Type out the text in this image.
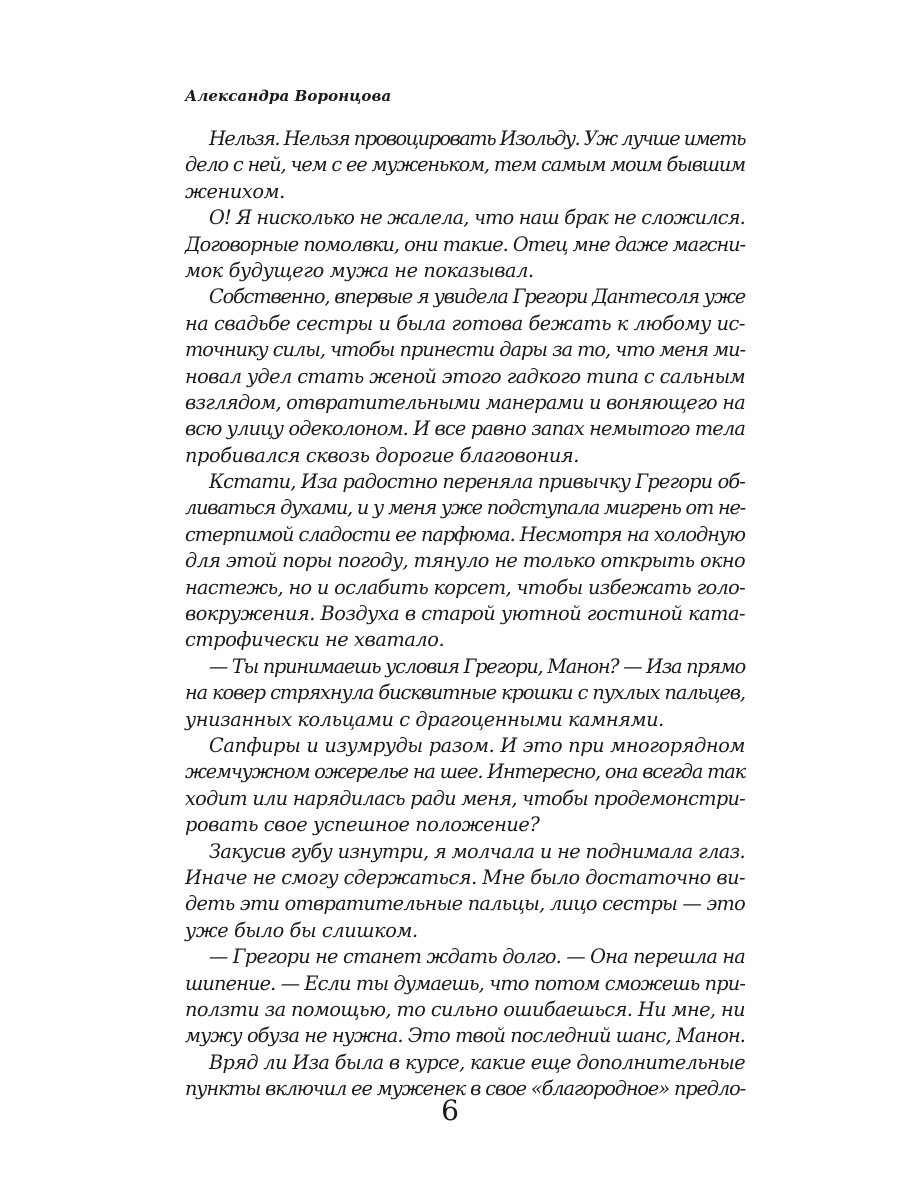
Александра Воронцова
Нельзя. Нельзя провоцировать Изольду. Уж лучше иметь
дело с ней, чем с ее муженьком, тем самым моим бывшим
женихом.
О! Я нисколько не жалела, что наш брак не сложился.
Договорные помолвки, они такие. Отец мне даже магсни-
мок будущего мужа не показывал.
Собственно, впервые я увидела Грегори Дантесоля уже
на свадьбе сестры и была готова бежать к любому ис-
точнику силы, чтобы принести дары за то, что меня ми-
новал удел стать женой этого гадкого типа с сальным
взглядом, отвратительными манерами и воняющего на
всю улицу одеколоном. И все равно запах немытого тела
пробивался сквозь дорогие благовония.
Кстати, Иза радостно переняла привычку Грегори об-
ливаться духами, и у меня уже подступала мигрень от не-
стерпимой сладости ее парфюма. Несмотря на холодную
для этой поры погоду, тянуло не только открыть окно
настежь, но и ослабить корсет, чтобы избежать голо-
вокружения. Воздуха в старой уютной гостиной ката-
строфически не хватало.
— Ты принимаешь условия Грегори, Манон? — Иза прямо
на ковер стряхнула бисквитные крошки с пухлых пальцев,
унизанных кольцами с драгоценными камнями.
Сапфиры и изумруды разом. И это при многорядном
жемчужном ожерелье на шее. Интересно, она всегда так
ходит или нарядилась ради меня, чтобы продемонстри-
ровать свое успешное положение?
Закусив губу изнутри, я молчала и не поднимала глаз.
Иначе не смогу сдержаться. Мне было достаточно ви-
деть эти отвратительные пальцы, лицо сестры — это
уже было бы слишком.
— Грегори не станет ждать долго. — Она перешла на
шипение. — Если ты думаешь, что потом сможешь при-
ползти за помощью, то сильно ошибаешься. Ни мне, ни
мужу обуза не нужна. Это твой последний шанс, Манон.
Вряд ли Иза была в курсе, какие еще дополнительные
пункты включил ее муженек в свое «благородное» предло-
6
